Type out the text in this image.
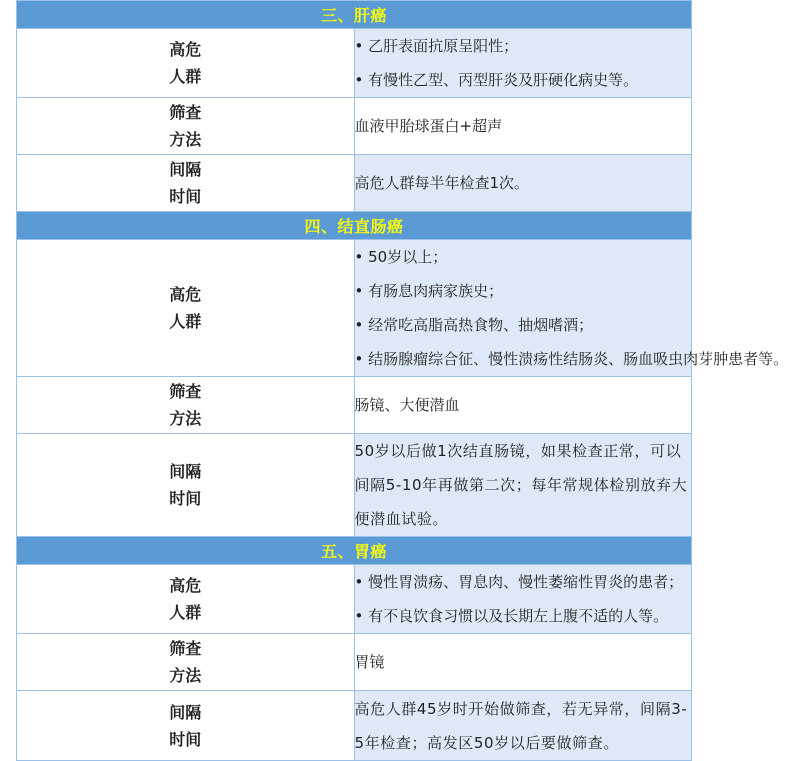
三、肝癌	

高危
人群	• 乙肝表面抗原呈阳性；
• 有慢性乙型、丙型肝炎及肝硬化病史等。

筛查
方法	血液甲胎球蛋白+超声

间隔
时间	高危人群每半年检查1次。

四、结直肠癌	

高危
人群	• 50岁以上；
• 有肠息肉病家族史；
• 经常吃高脂高热食物、抽烟嗜酒；
• 结肠腺瘤综合征、慢性溃疡性结肠炎、肠血吸虫肉芽肿患者等。

筛查
方法	肠镜、大便潜血

间隔
时间	50岁以后做1次结直肠镜，如果检查正常，可以间隔5-10年再做第二次；每年常规体检别放弃大便潜血试验。

五、胃癌	

高危
人群	• 慢性胃溃疡、胃息肉、慢性萎缩性胃炎的患者；
• 有不良饮食习惯以及长期左上腹不适的人等。

筛查
方法	胃镜

间隔
时间	高危人群45岁时开始做筛查，若无异常，间隔3-5年检查；高发区50岁以后要做筛查。
